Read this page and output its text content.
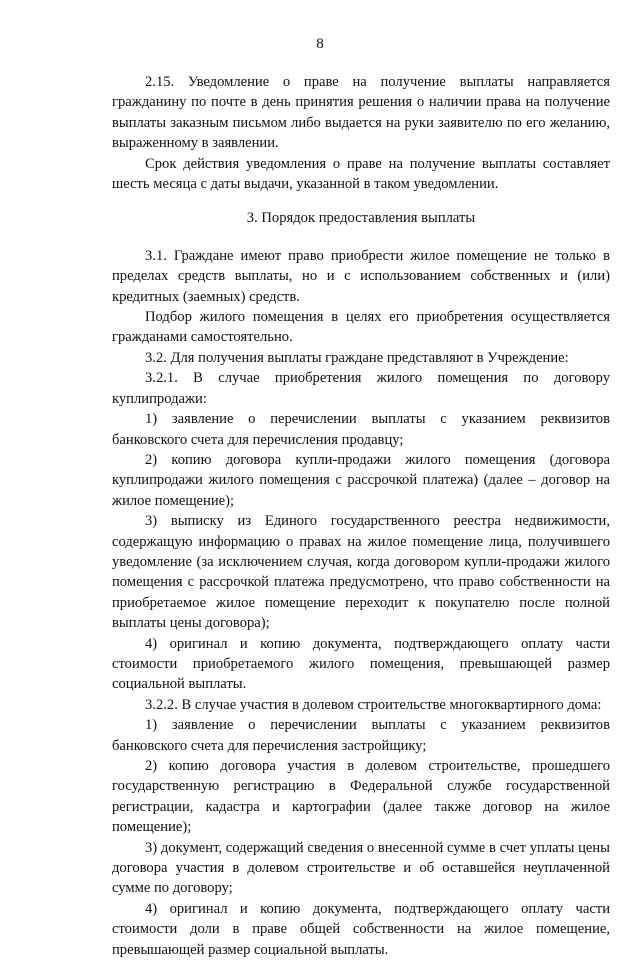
8

2.15. Уведомление о праве на получение выплаты направляется гражданину по почте в день принятия решения о наличии права на получение выплаты заказным письмом либо выдается на руки заявителю по его желанию, выраженному в заявлении.

Срок действия уведомления о праве на получение выплаты составляет шесть месяца с даты выдачи, указанной в таком уведомлении.

3. Порядок предоставления выплаты

3.1. Граждане имеют право приобрести жилое помещение не только в пределах средств выплаты, но и с использованием собственных и (или) кредитных (заемных) средств.

Подбор жилого помещения в целях его приобретения осуществляется гражданами самостоятельно.

3.2. Для получения выплаты граждане представляют в Учреждение:

3.2.1. В случае приобретения жилого помещения по договору куплипродажи:

1) заявление о перечислении выплаты с указанием реквизитов банковского счета для перечисления продавцу;

2) копию договора купли-продажи жилого помещения (договора куплипродажи жилого помещения с рассрочкой платежа) (далее – договор на жилое помещение);

3) выписку из Единого государственного реестра недвижимости, содержащую информацию о правах на жилое помещение лица, получившего уведомление (за исключением случая, когда договором купли-продажи жилого помещения с рассрочкой платежа предусмотрено, что право собственности на приобретаемое жилое помещение переходит к покупателю после полной выплаты цены договора);

4) оригинал и копию документа, подтверждающего оплату части стоимости приобретаемого жилого помещения, превышающей размер социальной выплаты.

3.2.2. В случае участия в долевом строительстве многоквартирного дома:

1) заявление о перечислении выплаты с указанием реквизитов банковского счета для перечисления застройщику;

2) копию договора участия в долевом строительстве, прошедшего государственную регистрацию в Федеральной службе государственной регистрации, кадастра и картографии (далее также договор на жилое помещение);

3) документ, содержащий сведения о внесенной сумме в счет уплаты цены договора участия в долевом строительстве и об оставшейся неуплаченной сумме по договору;

4) оригинал и копию документа, подтверждающего оплату части стоимости доли в праве общей собственности на жилое помещение, превышающей размер социальной выплаты.
